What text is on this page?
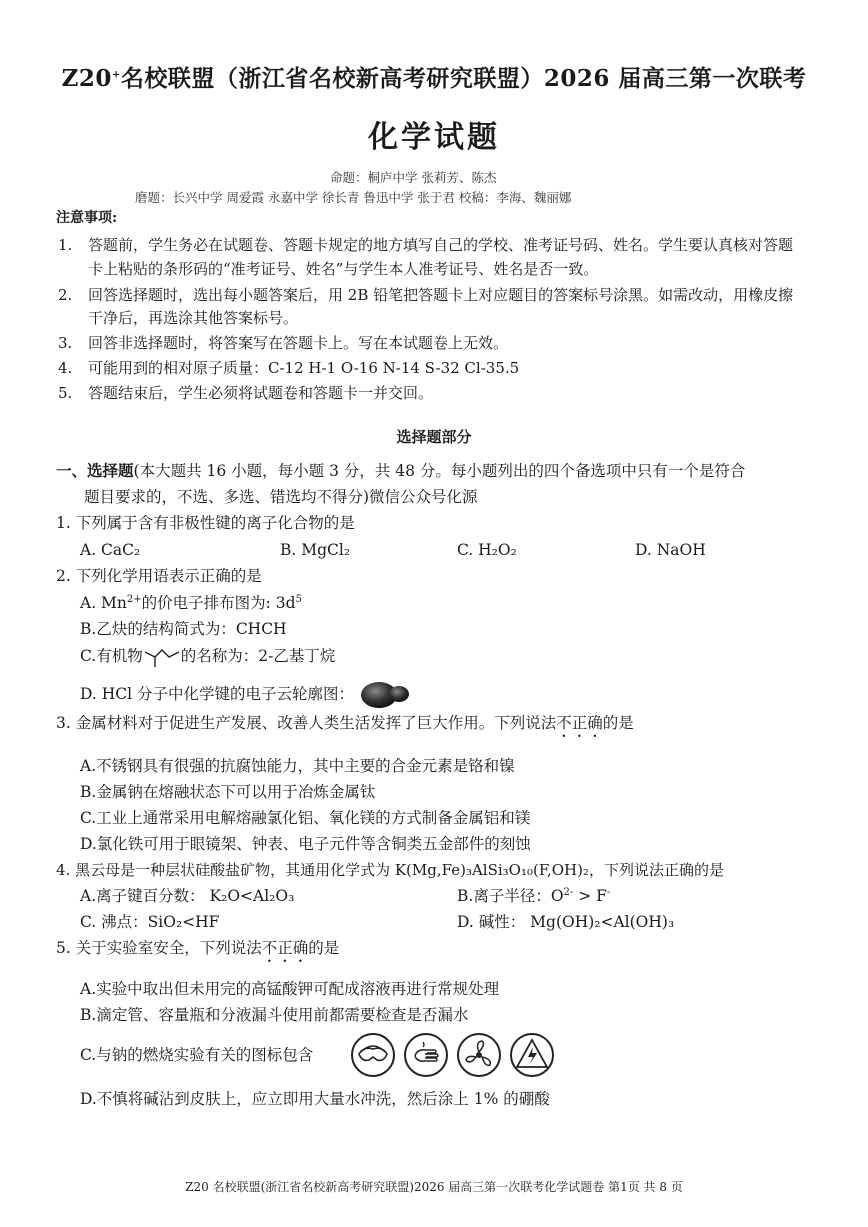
Z20+名校联盟（浙江省名校新高考研究联盟）2026 届高三第一次联考
化学试题
命题：桐庐中学 张莉芳、陈杰
磨题：长兴中学 周爱霞 永嘉中学 徐长青 鲁迅中学 张于君 校稿：李海、魏丽娜
注意事项:
1. 答题前，学生务必在试题卷、答题卡规定的地方填写自己的学校、准考证号码、姓名。学生要认真核对答题
卡上粘贴的条形码的“准考证号、姓名”与学生本人准考证号、姓名是否一致。
2. 回答选择题时，选出每小题答案后，用 2B 铅笔把答题卡上对应题目的答案标号涂黑。如需改动，用橡皮擦
干净后，再选涂其他答案标号。
3. 回答非选择题时，将答案写在答题卡上。写在本试题卷上无效。
4. 可能用到的相对原子质量：C-12 H-1 O-16 N-14 S-32 Cl-35.5
5. 答题结束后，学生必须将试题卷和答题卡一并交回。
选择题部分
一、选择题(本大题共 16 小题，每小题 3 分，共 48 分。每小题列出的四个备选项中只有一个是符合
题目要求的，不选、多选、错选均不得分)微信公众号化源
1. 下列属于含有非极性键的离子化合物的是
A. CaC₂	B. MgCl₂	C. H₂O₂	D. NaOH
2. 下列化学用语表示正确的是
A. $Mn^{2+}$的价电子排布图为: $3d^5$
B.乙炔的结构简式为：CHCH
C.有机物 的名称为：2-乙基丁烷
D. HCl 分子中化学键的电子云轮廓图：
3. 金属材料对于促进生产发展、改善人类生活发挥了巨大作用。下列说法不正确的是
A.不锈钢具有很强的抗腐蚀能力，其中主要的合金元素是铬和镍
B.金属钠在熔融状态下可以用于冶炼金属钛
C.工业上通常采用电解熔融氯化铝、氧化镁的方式制备金属铝和镁
D.氯化铁可用于眼镜架、钟表、电子元件等含铜类五金部件的刻蚀
4. 黑云母是一种层状硅酸盐矿物，其通用化学式为 K(Mg,Fe)₃AlSi₃O₁₀(F,OH)₂，下列说法正确的是
A.离子键百分数： K₂O<Al₂O₃	B.离子半径：$O^{2-} > F^-$
C. 沸点：SiO₂<HF	D. 碱性： Mg(OH)₂<Al(OH)₃
5. 关于实验室安全，下列说法不正确的是
A.实验中取出但未用完的高锰酸钾可配成溶液再进行常规处理
B.滴定管、容量瓶和分液漏斗使用前都需要检查是否漏水
C.与钠的燃烧实验有关的图标包含

D.不慎将碱沾到皮肤上，应立即用大量水冲洗，然后涂上 1% 的硼酸
Z20 名校联盟(浙江省名校新高考研究联盟)2026 届高三第一次联考化学试题卷 第1页 共 8 页
